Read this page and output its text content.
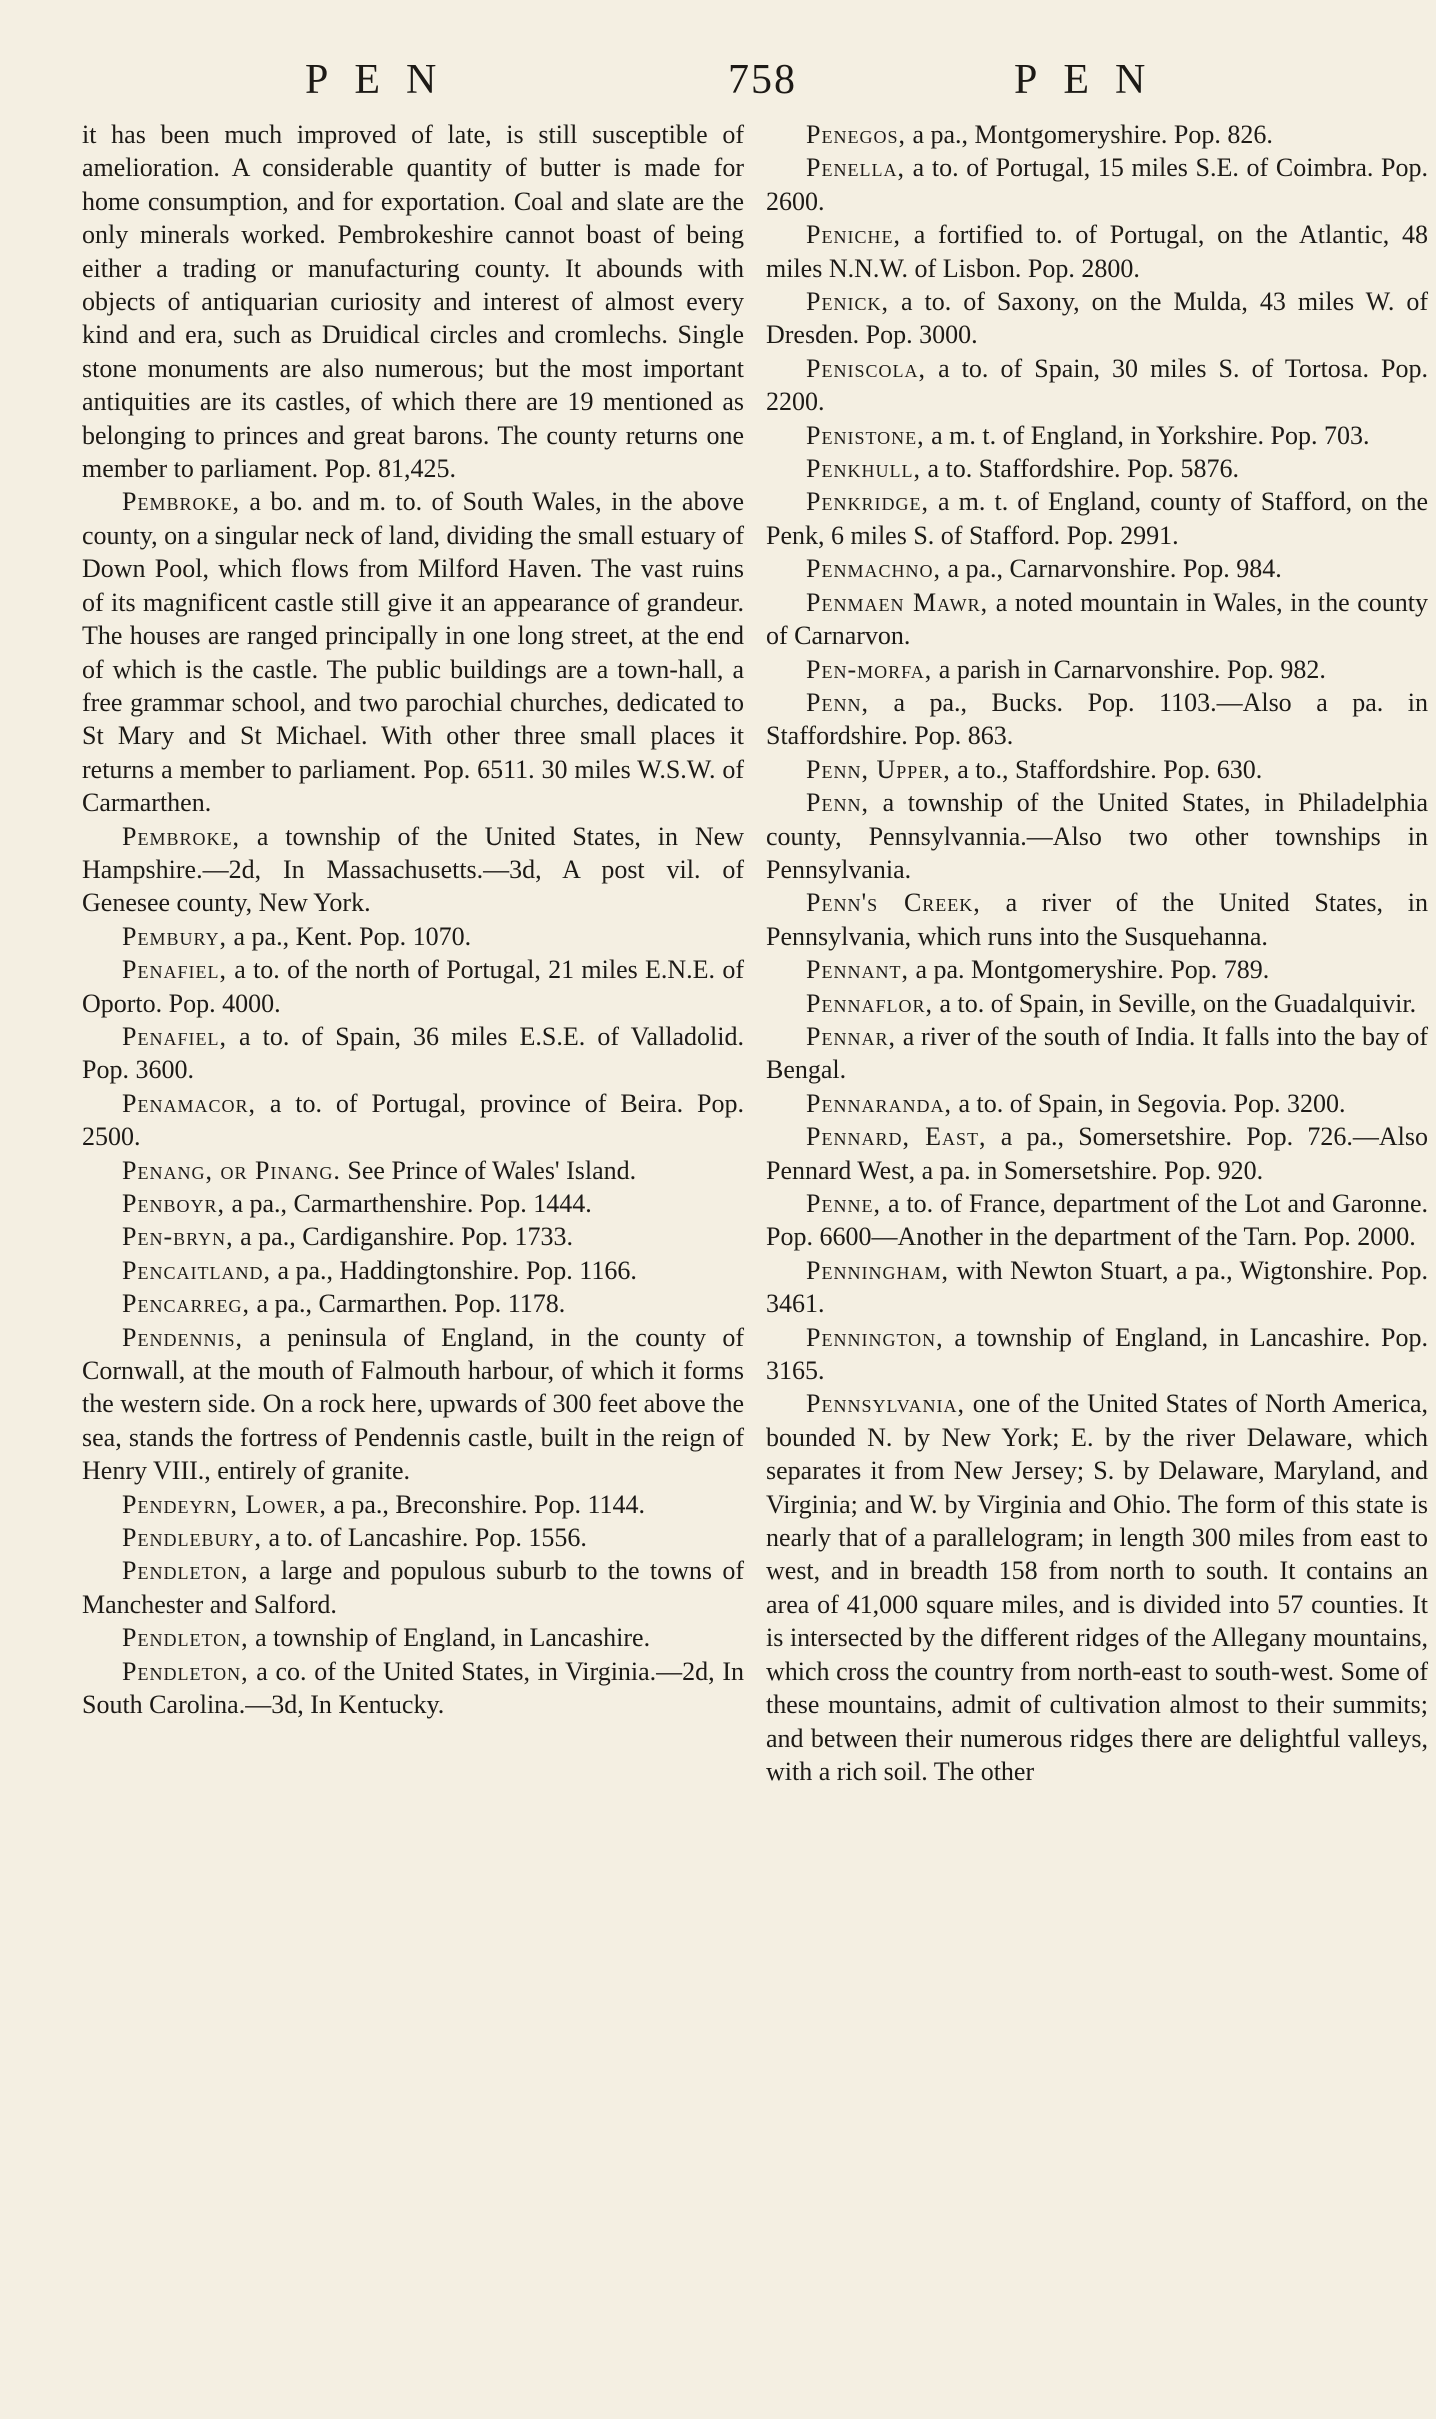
PEN	758	PEN

it has been much improved of late, is still susceptible of amelioration. A considerable quantity of butter is made for home consumption, and for exportation. Coal and slate are the only minerals worked. Pembrokeshire cannot boast of being either a trading or manufacturing county. It abounds with objects of antiquarian curiosity and interest of almost every kind and era, such as Druidical circles and cromlechs. Single stone monuments are also numerous; but the most important antiquities are its castles, of which there are 19 mentioned as belonging to princes and great barons. The county returns one member to parliament. Pop. 81,425.

Pembroke, a bo. and m. to. of South Wales, in the above county, on a singular neck of land, dividing the small estuary of Down Pool, which flows from Milford Haven. The vast ruins of its magnificent castle still give it an appearance of grandeur. The houses are ranged principally in one long street, at the end of which is the castle. The public buildings are a town-hall, a free grammar school, and two parochial churches, dedicated to St Mary and St Michael. With other three small places it returns a member to parliament. Pop. 6511. 30 miles W.S.W. of Carmarthen.

Pembroke, a township of the United States, in New Hampshire.—2d, In Massachusetts.—3d, A post vil. of Genesee county, New York.

Pembury, a pa., Kent. Pop. 1070.

Penafiel, a to. of the north of Portugal, 21 miles E.N.E. of Oporto. Pop. 4000.

Penafiel, a to. of Spain, 36 miles E.S.E. of Valladolid. Pop. 3600.

Penamacor, a to. of Portugal, province of Beira. Pop. 2500.

Penang, or Pinang. See Prince of Wales' Island.

Penboyr, a pa., Carmarthenshire. Pop. 1444.

Pen-bryn, a pa., Cardiganshire. Pop. 1733.

Pencaitland, a pa., Haddingtonshire. Pop. 1166.

Pencarreg, a pa., Carmarthen. Pop. 1178.

Pendennis, a peninsula of England, in the county of Cornwall, at the mouth of Falmouth harbour, of which it forms the western side. On a rock here, upwards of 300 feet above the sea, stands the fortress of Pendennis castle, built in the reign of Henry VIII., entirely of granite.

Pendeyrn, Lower, a pa., Breconshire. Pop. 1144.

Pendlebury, a to. of Lancashire. Pop. 1556.

Pendleton, a large and populous suburb to the towns of Manchester and Salford.

Pendleton, a township of England, in Lancashire.

Pendleton, a co. of the United States, in Virginia.—2d, In South Carolina.—3d, In Kentucky.

Penegos, a pa., Montgomeryshire. Pop. 826.

Penella, a to. of Portugal, 15 miles S.E. of Coimbra. Pop. 2600.

Peniche, a fortified to. of Portugal, on the Atlantic, 48 miles N.N.W. of Lisbon. Pop. 2800.

Penick, a to. of Saxony, on the Mulda, 43 miles W. of Dresden. Pop. 3000.

Peniscola, a to. of Spain, 30 miles S. of Tortosa. Pop. 2200.

Penistone, a m. t. of England, in Yorkshire. Pop. 703.

Penkhull, a to. Staffordshire. Pop. 5876.

Penkridge, a m. t. of England, county of Stafford, on the Penk, 6 miles S. of Stafford. Pop. 2991.

Penmachno, a pa., Carnarvonshire. Pop. 984.

Penmaen Mawr, a noted mountain in Wales, in the county of Carnarvon.

Pen-morfa, a parish in Carnarvonshire. Pop. 982.

Penn, a pa., Bucks. Pop. 1103.—Also a pa. in Staffordshire. Pop. 863.

Penn, Upper, a to., Staffordshire. Pop. 630.

Penn, a township of the United States, in Philadelphia county, Pennsylvannia.—Also two other townships in Pennsylvania.

Penn's Creek, a river of the United States, in Pennsylvania, which runs into the Susquehanna.

Pennant, a pa. Montgomeryshire. Pop. 789.

Pennaflor, a to. of Spain, in Seville, on the Guadalquivir.

Pennar, a river of the south of India. It falls into the bay of Bengal.

Pennaranda, a to. of Spain, in Segovia. Pop. 3200.

Pennard, East, a pa., Somersetshire. Pop. 726.—Also Pennard West, a pa. in Somersetshire. Pop. 920.

Penne, a to. of France, department of the Lot and Garonne. Pop. 6600—Another in the department of the Tarn. Pop. 2000.

Penningham, with Newton Stuart, a pa., Wigtonshire. Pop. 3461.

Pennington, a township of England, in Lancashire. Pop. 3165.

Pennsylvania, one of the United States of North America, bounded N. by New York; E. by the river Delaware, which separates it from New Jersey; S. by Delaware, Maryland, and Virginia; and W. by Virginia and Ohio. The form of this state is nearly that of a parallelogram; in length 300 miles from east to west, and in breadth 158 from north to south. It contains an area of 41,000 square miles, and is divided into 57 counties. It is intersected by the different ridges of the Allegany mountains, which cross the country from north-east to south-west. Some of these mountains, admit of cultivation almost to their summits; and between their numerous ridges there are delightful valleys, with a rich soil. The other
